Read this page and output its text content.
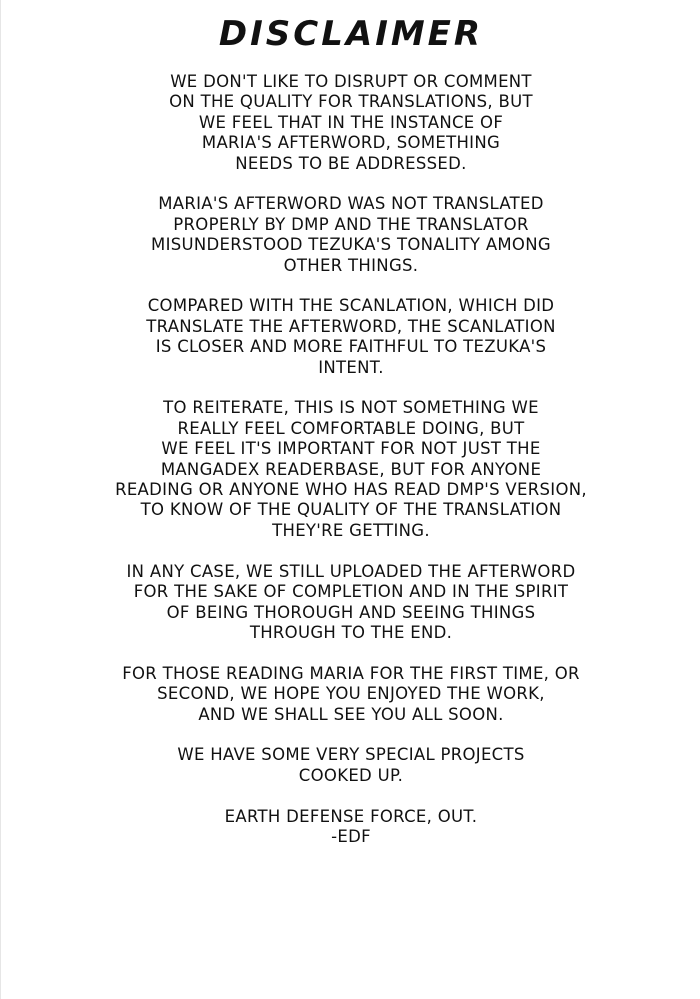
DISCLAIMER
WE DON'T LIKE TO DISRUPT OR COMMENT
ON THE QUALITY FOR TRANSLATIONS, BUT
WE FEEL THAT IN THE INSTANCE OF
MARIA'S AFTERWORD, SOMETHING
NEEDS TO BE ADDRESSED.
MARIA'S AFTERWORD WAS NOT TRANSLATED
PROPERLY BY DMP AND THE TRANSLATOR
MISUNDERSTOOD TEZUKA'S TONALITY AMONG
OTHER THINGS.
COMPARED WITH THE SCANLATION, WHICH DID
TRANSLATE THE AFTERWORD, THE SCANLATION
IS CLOSER AND MORE FAITHFUL TO TEZUKA'S
INTENT.
TO REITERATE, THIS IS NOT SOMETHING WE
REALLY FEEL COMFORTABLE DOING, BUT
WE FEEL IT'S IMPORTANT FOR NOT JUST THE
MANGADEX READERBASE, BUT FOR ANYONE
READING OR ANYONE WHO HAS READ DMP'S VERSION,
TO KNOW OF THE QUALITY OF THE TRANSLATION
THEY'RE GETTING.
IN ANY CASE, WE STILL UPLOADED THE AFTERWORD
FOR THE SAKE OF COMPLETION AND IN THE SPIRIT
OF BEING THOROUGH AND SEEING THINGS
THROUGH TO THE END.
FOR THOSE READING MARIA FOR THE FIRST TIME, OR
SECOND, WE HOPE YOU ENJOYED THE WORK,
AND WE SHALL SEE YOU ALL SOON.
WE HAVE SOME VERY SPECIAL PROJECTS
COOKED UP.
EARTH DEFENSE FORCE, OUT.
-EDF
